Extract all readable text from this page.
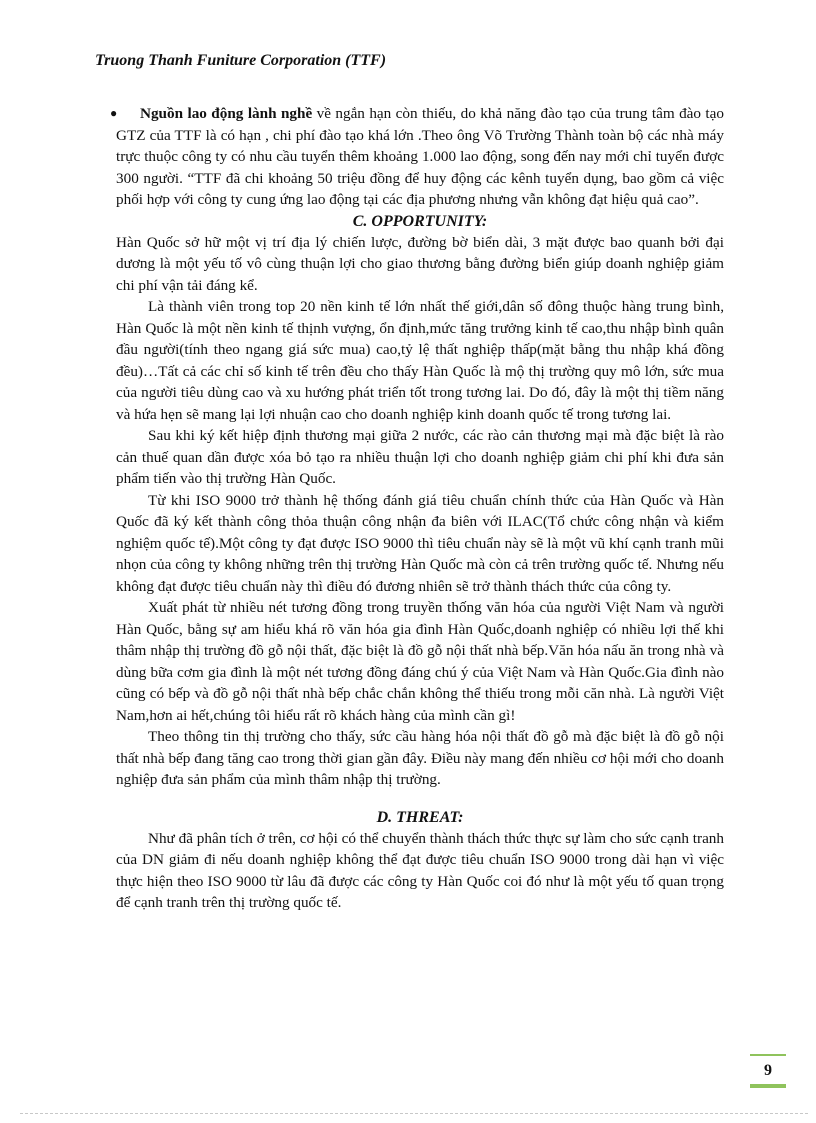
Truong Thanh Funiture Corporation (TTF)

● Nguồn lao động lành nghề về ngắn hạn còn thiếu, do khả năng đào tạo của trung tâm đào tạo GTZ của TTF là có hạn , chi phí đào tạo khá lớn .Theo ông Võ Trường Thành toàn bộ các nhà máy trực thuộc công ty có nhu cầu tuyển thêm khoảng 1.000 lao động, song đến nay mới chỉ tuyển được 300 người. “TTF đã chi khoảng 50 triệu đồng để huy động các kênh tuyển dụng, bao gồm cả việc phối hợp với công ty cung ứng lao động tại các địa phương nhưng vẫn không đạt hiệu quả cao”.

C. OPPORTUNITY:

Hàn Quốc sở hữ một vị trí địa lý chiến lược, đường bờ biển dài, 3 mặt được bao quanh bởi đại dương là một yếu tố vô cùng thuận lợi cho giao thương bằng đường biển giúp doanh nghiệp giảm chi phí vận tải đáng kể.

Là thành viên trong top 20 nền kinh tế lớn nhất thế giới,dân số đông thuộc hàng trung bình, Hàn Quốc là một nền kinh tế thịnh vượng, ổn định,mức tăng trưởng kinh tế cao,thu nhập bình quân đầu người(tính theo ngang giá sức mua) cao,tỷ lệ thất nghiệp thấp(mặt bằng thu nhập khá đồng đều)…Tất cả các chỉ số kinh tế trên đều cho thấy Hàn Quốc là mộ thị trường quy mô lớn, sức mua của người tiêu dùng cao và xu hướng phát triển tốt trong tương lai. Do đó, đây là một thị tiềm năng và hứa hẹn sẽ mang lại lợi nhuận cao cho doanh nghiệp kinh doanh quốc tế trong tương lai.

Sau khi ký kết hiệp định thương mại giữa 2 nước, các rào cản thương mại mà đặc biệt là rào cản thuế quan dần được xóa bỏ tạo ra nhiều thuận lợi cho doanh nghiệp giảm chi phí khi đưa sản phẩm tiến vào thị trường Hàn Quốc.

Từ khi ISO 9000 trở thành hệ thống đánh giá tiêu chuẩn chính thức của Hàn Quốc và Hàn Quốc đã ký kết thành công thỏa thuận công nhận đa biên với ILAC(Tổ chức công nhận và kiểm nghiệm quốc tế).Một công ty đạt được ISO 9000 thì tiêu chuẩn này sẽ là một vũ khí cạnh tranh mũi nhọn của công ty không những trên thị trường Hàn Quốc mà còn cả trên trường quốc tế. Nhưng nếu không đạt được tiêu chuẩn này thì điều đó đương nhiên sẽ trở thành thách thức của công ty.

Xuất phát từ nhiều nét tương đồng trong truyền thống văn hóa của người Việt Nam và người Hàn Quốc, bằng sự am hiểu khá rõ văn hóa gia đình Hàn Quốc,doanh nghiệp có nhiều lợi thế khi thâm nhập thị trường đồ gỗ nội thất, đặc biệt là đồ gỗ nội thất nhà bếp.Văn hóa nấu ăn trong nhà và dùng bữa cơm gia đình là một nét tương đồng đáng chú ý của Việt Nam và Hàn Quốc.Gia đình nào cũng có bếp và đồ gỗ nội thất nhà bếp chắc chắn không thể thiếu trong mỗi căn nhà. Là người Việt Nam,hơn ai hết,chúng tôi hiểu rất rõ khách hàng của mình cần gì!

Theo thông tin thị trường cho thấy, sức cầu hàng hóa nội thất đồ gỗ mà đặc biệt là đồ gỗ nội thất nhà bếp đang tăng cao trong thời gian gần đây. Điều này mang đến nhiều cơ hội mới cho doanh nghiệp đưa sản phẩm của mình thâm nhập thị trường.

D. THREAT:

Như đã phân tích ở trên, cơ hội có thể chuyển thành thách thức thực sự làm cho sức cạnh tranh của DN giảm đi nếu doanh nghiệp không thể đạt được tiêu chuẩn ISO 9000 trong dài hạn vì việc thực hiện theo ISO 9000 từ lâu đã được các công ty Hàn Quốc coi đó như là một yếu tố quan trọng để cạnh tranh trên thị trường quốc tế.

9
